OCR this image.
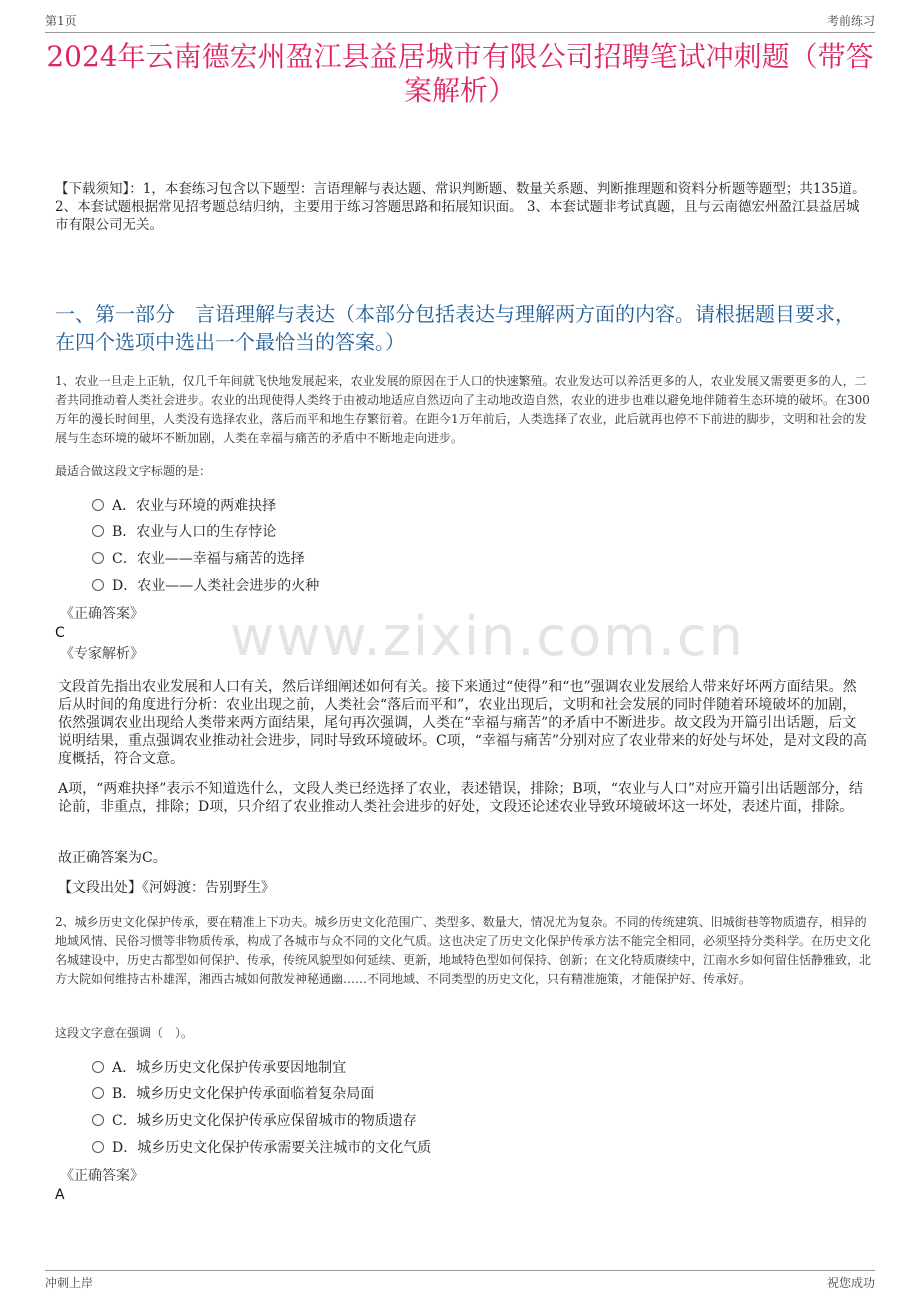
第1页	考前练习
www.zixin.com.cn
2024年云南德宏州盈江县益居城市有限公司招聘笔试冲刺题（带答案解析）
【下载须知】：1，本套练习包含以下题型：言语理解与表达题、常识判断题、数量关系题、判断推理题和资料分析题等题型；共135道。 2、本套试题根据常见招考题总结归纳，主要用于练习答题思路和拓展知识面。 3、本套试题非考试真题，且与云南德宏州盈江县益居城市有限公司无关。
一、第一部分　言语理解与表达（本部分包括表达与理解两方面的内容。请根据题目要求，在四个选项中选出一个最恰当的答案。）
1、农业一旦走上正轨，仅几千年间就飞快地发展起来，农业发展的原因在于人口的快速繁殖。农业发达可以养活更多的人，农业发展又需要更多的人，二者共同推动着人类社会进步。农业的出现使得人类终于由被动地适应自然迈向了主动地改造自然，农业的进步也难以避免地伴随着生态环境的破坏。在300万年的漫长时间里，人类没有选择农业，落后而平和地生存繁衍着。在距今1万年前后，人类选择了农业，此后就再也停不下前进的脚步，文明和社会的发展与生态环境的破坏不断加剧，人类在幸福与痛苦的矛盾中不断地走向进步。
最适合做这段文字标题的是：
A．农业与环境的两难抉择
B．农业与人口的生存悖论
C．农业——幸福与痛苦的选择
D．农业——人类社会进步的火种
《正确答案》
C
《专家解析》
文段首先指出农业发展和人口有关，然后详细阐述如何有关。接下来通过“使得”和“也”强调农业发展给人带来好坏两方面结果。然后从时间的角度进行分析：农业出现之前，人类社会“落后而平和”，农业出现后，文明和社会发展的同时伴随着环境破坏的加剧，依然强调农业出现给人类带来两方面结果，尾句再次强调，人类在“幸福与痛苦”的矛盾中不断进步。故文段为开篇引出话题，后文说明结果，重点强调农业推动社会进步，同时导致环境破坏。C项，“幸福与痛苦”分别对应了农业带来的好处与坏处，是对文段的高度概括，符合文意。
A项，“两难抉择”表示不知道选什么，文段人类已经选择了农业，表述错误，排除；B项，“农业与人口”对应开篇引出话题部分，结论前，非重点，排除；D项，只介绍了农业推动人类社会进步的好处，文段还论述农业导致环境破坏这一坏处，表述片面，排除。
故正确答案为C。
【文段出处】《河姆渡：告别野生》
2、城乡历史文化保护传承，要在精准上下功夫。城乡历史文化范围广、类型多、数量大，情况尤为复杂。不同的传统建筑、旧城街巷等物质遗存，相异的地域风情、民俗习惯等非物质传承，构成了各城市与众不同的文化气质。这也决定了历史文化保护传承方法不能完全相同，必须坚持分类科学。在历史文化名城建设中，历史古都型如何保护、传承，传统风貌型如何延续、更新，地域特色型如何保持、创新；在文化特质赓续中，江南水乡如何留住恬静雅致，北方大院如何维持古朴雄浑，湘西古城如何散发神秘通幽……不同地域、不同类型的历史文化，只有精准施策，才能保护好、传承好。
这段文字意在强调（　）。
A．城乡历史文化保护传承要因地制宜
B．城乡历史文化保护传承面临着复杂局面
C．城乡历史文化保护传承应保留城市的物质遗存
D．城乡历史文化保护传承需要关注城市的文化气质
《正确答案》
A
冲刺上岸	祝您成功
